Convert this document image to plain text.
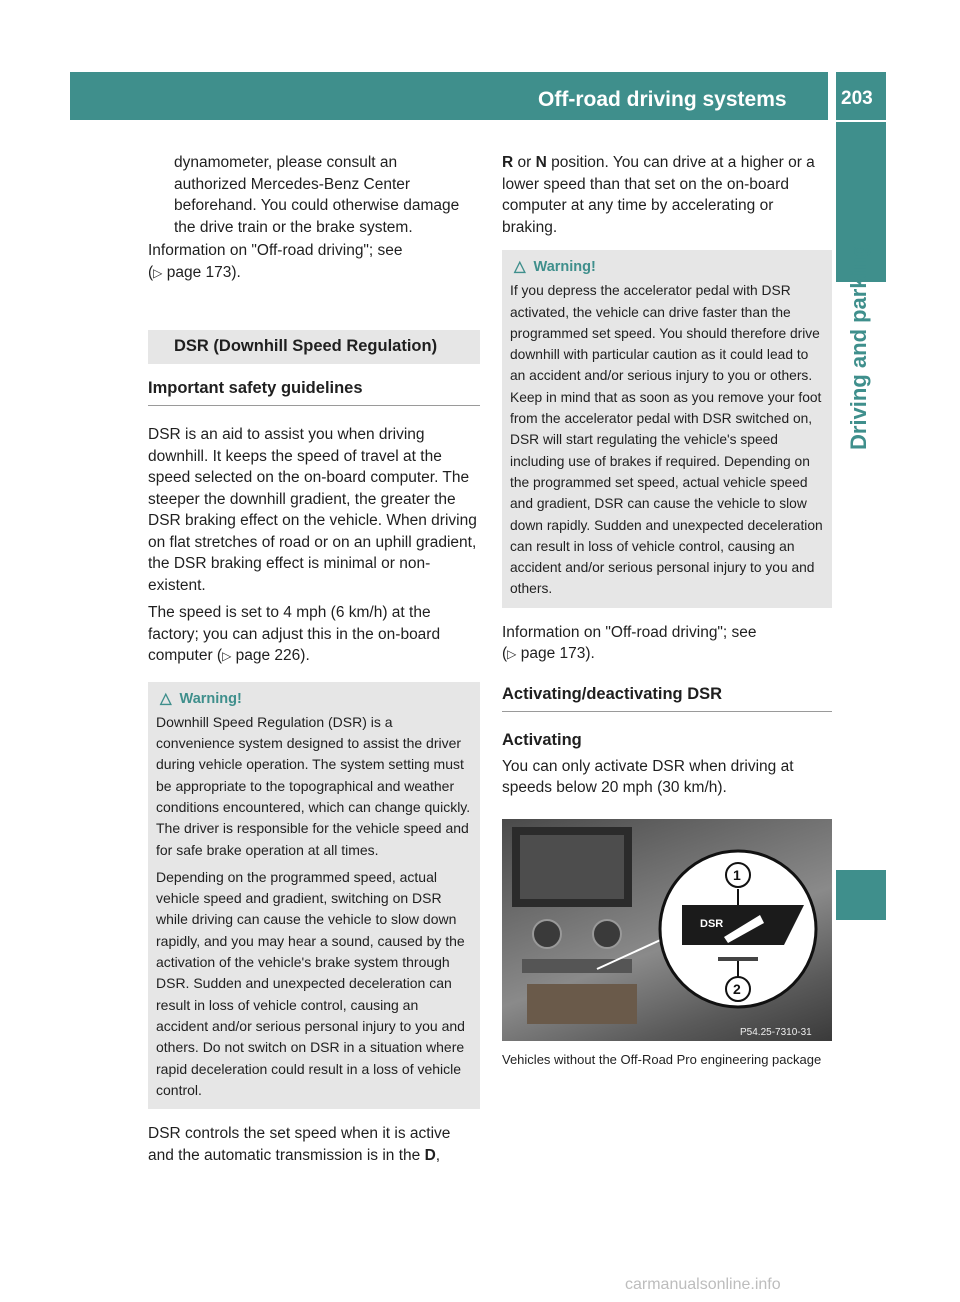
Off-road driving systems	203
Driving and parking
dynamometer, please consult an
authorized Mercedes-Benz Center
beforehand. You could otherwise damage
the drive train or the brake system.

Information on "Off-road driving"; see
(▷ page 173).

DSR (Downhill Speed Regulation)
Important safety guidelines

DSR is an aid to assist you when driving downhill. It keeps the speed of travel at the speed selected on the on-board computer. The steeper the downhill gradient, the greater the DSR braking effect on the vehicle. When driving on flat stretches of road or on an uphill gradient, the DSR braking effect is minimal or non-existent.

The speed is set to 4 mph (6 km/h) at the factory; you can adjust this in the on-board computer (▷ page 226).

△ Warning!

Downhill Speed Regulation (DSR) is a convenience system designed to assist the driver during vehicle operation. The system setting must be appropriate to the topographical and weather conditions encountered, which can change quickly. The driver is responsible for the vehicle speed and for safe brake operation at all times.

Depending on the programmed speed, actual vehicle speed and gradient, switching on DSR while driving can cause the vehicle to slow down rapidly, and you may hear a sound, caused by the activation of the vehicle's brake system through DSR. Sudden and unexpected deceleration can result in loss of vehicle control, causing an accident and/or serious personal injury to you and others. Do not switch on DSR in a situation where rapid deceleration could result in a loss of vehicle control.

DSR controls the set speed when it is active and the automatic transmission is in the D,

R or N position. You can drive at a higher or a lower speed than that set on the on-board computer at any time by accelerating or braking.

△ Warning!

If you depress the accelerator pedal with DSR activated, the vehicle can drive faster than the programmed set speed. You should therefore drive downhill with particular caution as it could lead to an accident and/or serious injury to you or others. Keep in mind that as soon as you remove your foot from the accelerator pedal with DSR switched on, DSR will start regulating the vehicle's speed including use of brakes if required. Depending on the programmed set speed, actual vehicle speed and gradient, DSR can cause the vehicle to slow down rapidly. Sudden and unexpected deceleration can result in loss of vehicle control, causing an accident and/or serious personal injury to you and others.

Information on "Off-road driving"; see
(▷ page 173).

Activating/deactivating DSR
Activating

You can only activate DSR when driving at speeds below 20 mph (30 km/h).

DSR
1
2
P54.25-7310-31
Vehicles without the Off-Road Pro engineering package
carmanualsonline.info
